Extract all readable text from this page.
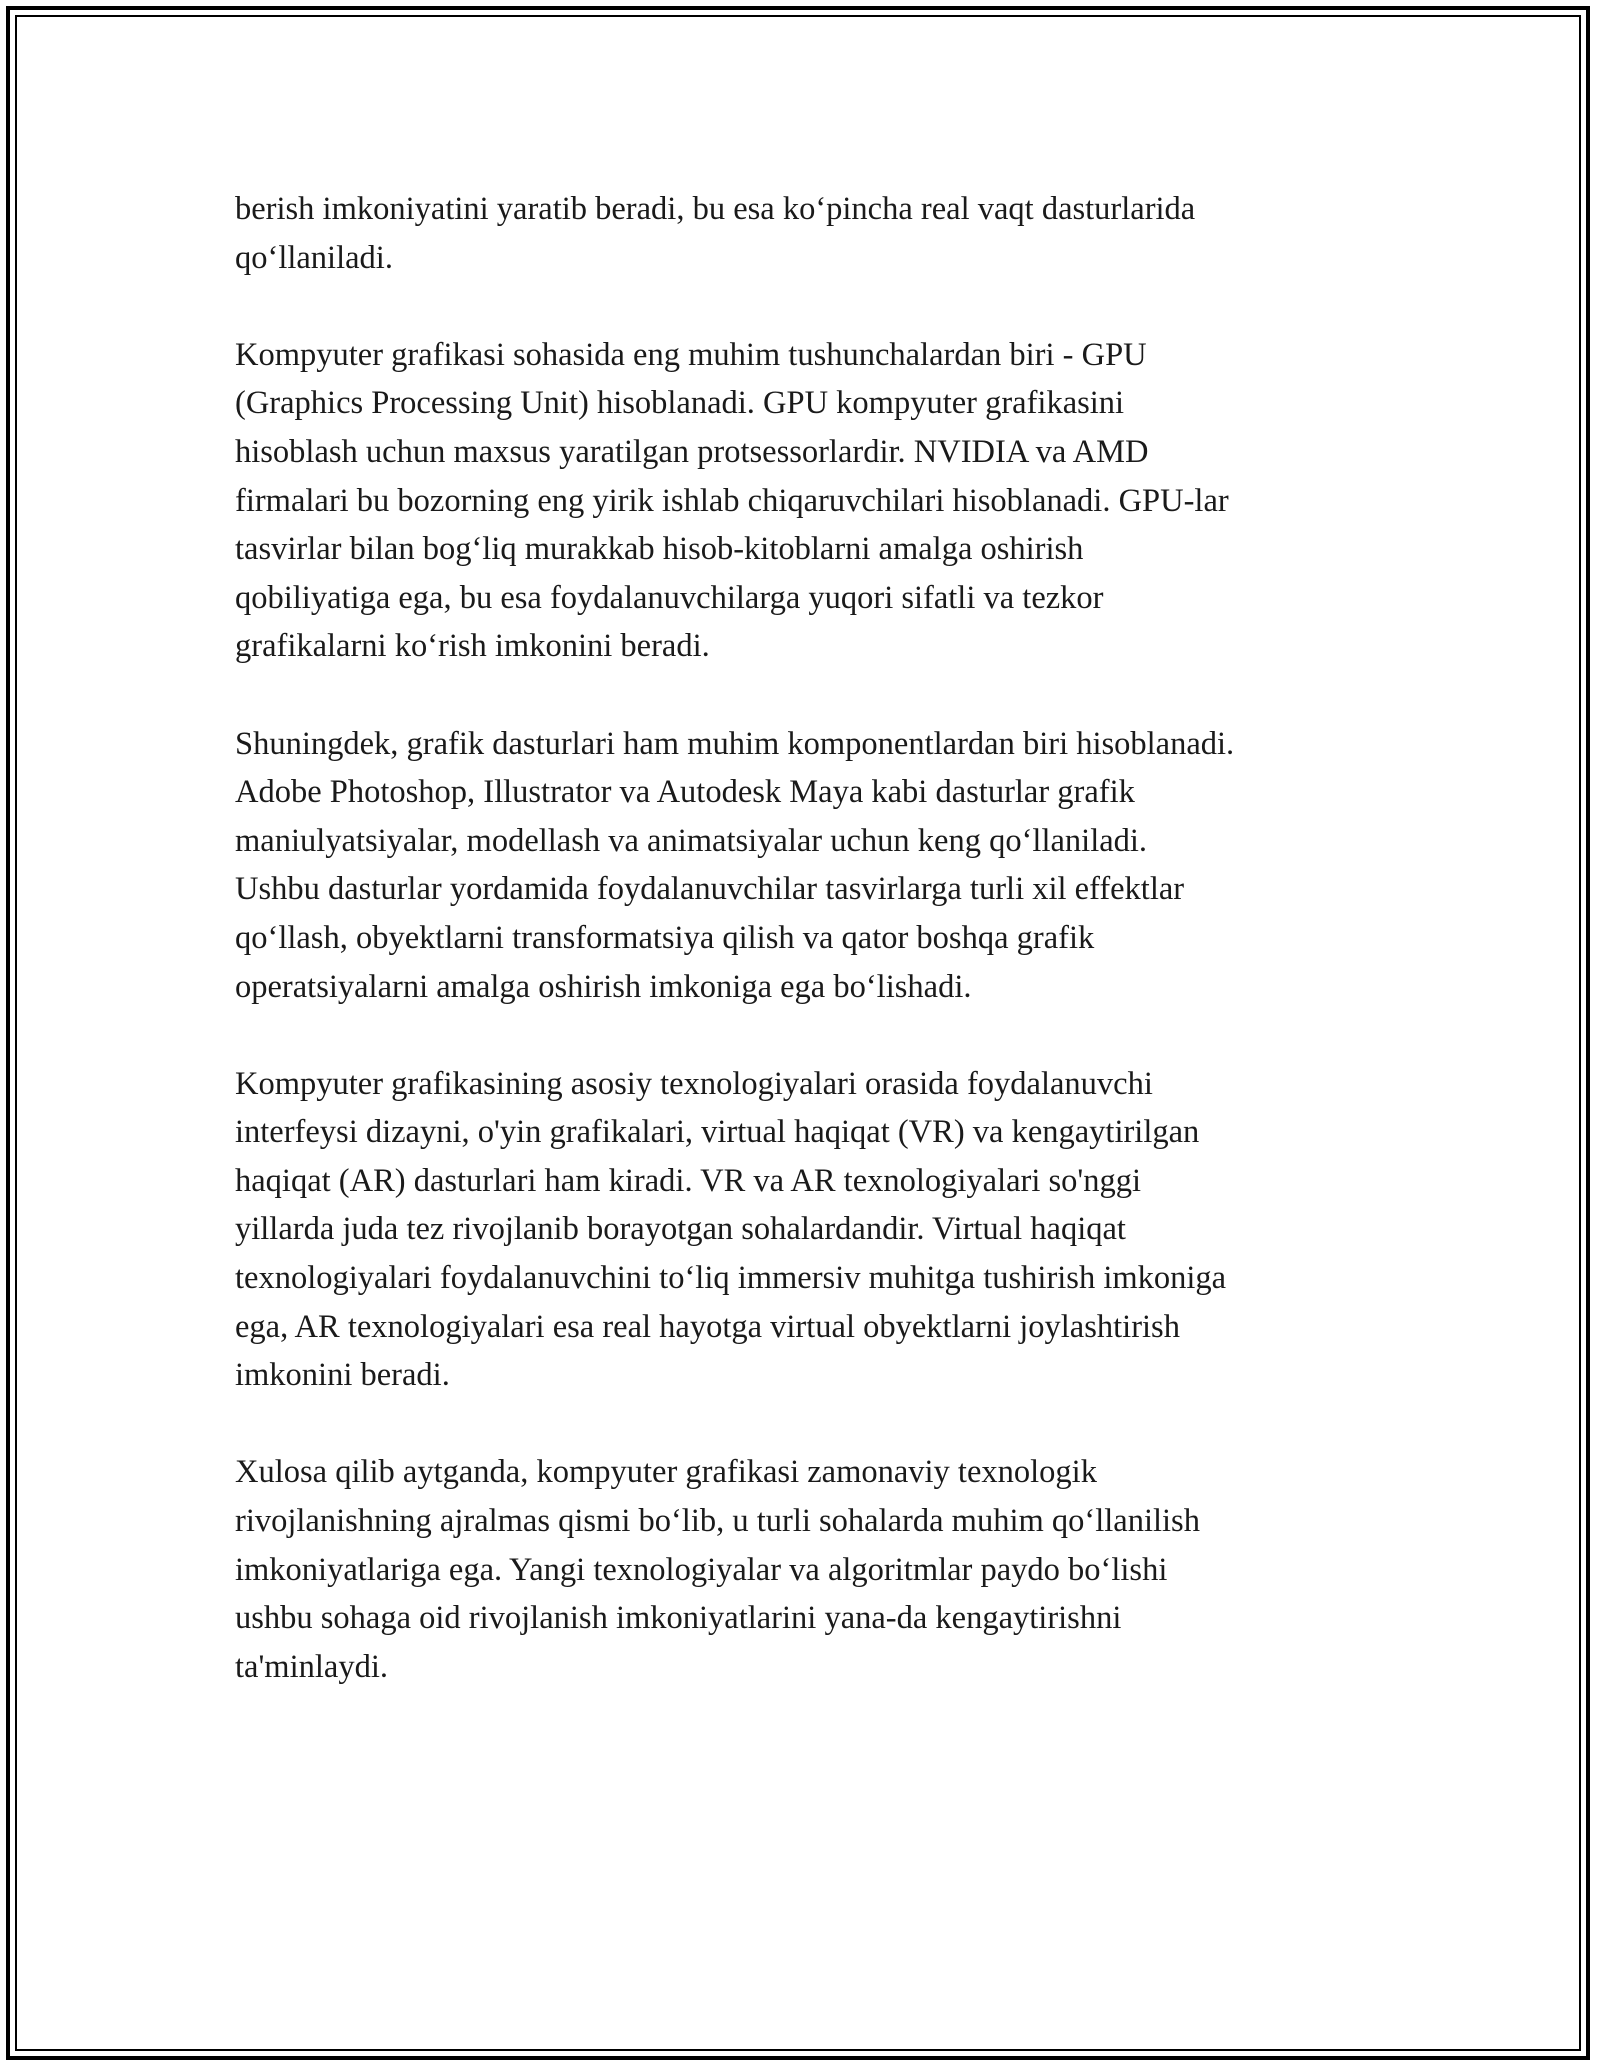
berish imkoniyatini yaratib beradi, bu esa ko‘pincha real vaqt dasturlarida
qo‘llaniladi.

Kompyuter grafikasi sohasida eng muhim tushunchalardan biri - GPU
(Graphics Processing Unit) hisoblanadi. GPU kompyuter grafikasini
hisoblash uchun maxsus yaratilgan protsessorlardir. NVIDIA va AMD
firmalari bu bozorning eng yirik ishlab chiqaruvchilari hisoblanadi. GPU-lar
tasvirlar bilan bog‘liq murakkab hisob-kitoblarni amalga oshirish
qobiliyatiga ega, bu esa foydalanuvchilarga yuqori sifatli va tezkor
grafikalarni ko‘rish imkonini beradi.

Shuningdek, grafik dasturlari ham muhim komponentlardan biri hisoblanadi.
Adobe Photoshop, Illustrator va Autodesk Maya kabi dasturlar grafik
maniulyatsiyalar, modellash va animatsiyalar uchun keng qo‘llaniladi.
Ushbu dasturlar yordamida foydalanuvchilar tasvirlarga turli xil effektlar
qo‘llash, obyektlarni transformatsiya qilish va qator boshqa grafik
operatsiyalarni amalga oshirish imkoniga ega bo‘lishadi.

Kompyuter grafikasining asosiy texnologiyalari orasida foydalanuvchi
interfeysi dizayni, o'yin grafikalari, virtual haqiqat (VR) va kengaytirilgan
haqiqat (AR) dasturlari ham kiradi. VR va AR texnologiyalari so'nggi
yillarda juda tez rivojlanib borayotgan sohalardandir. Virtual haqiqat
texnologiyalari foydalanuvchini to‘liq immersiv muhitga tushirish imkoniga
ega, AR texnologiyalari esa real hayotga virtual obyektlarni joylashtirish
imkonini beradi.

Xulosa qilib aytganda, kompyuter grafikasi zamonaviy texnologik
rivojlanishning ajralmas qismi bo‘lib, u turli sohalarda muhim qo‘llanilish
imkoniyatlariga ega. Yangi texnologiyalar va algoritmlar paydo bo‘lishi
ushbu sohaga oid rivojlanish imkoniyatlarini yana-da kengaytirishni
ta'minlaydi.
